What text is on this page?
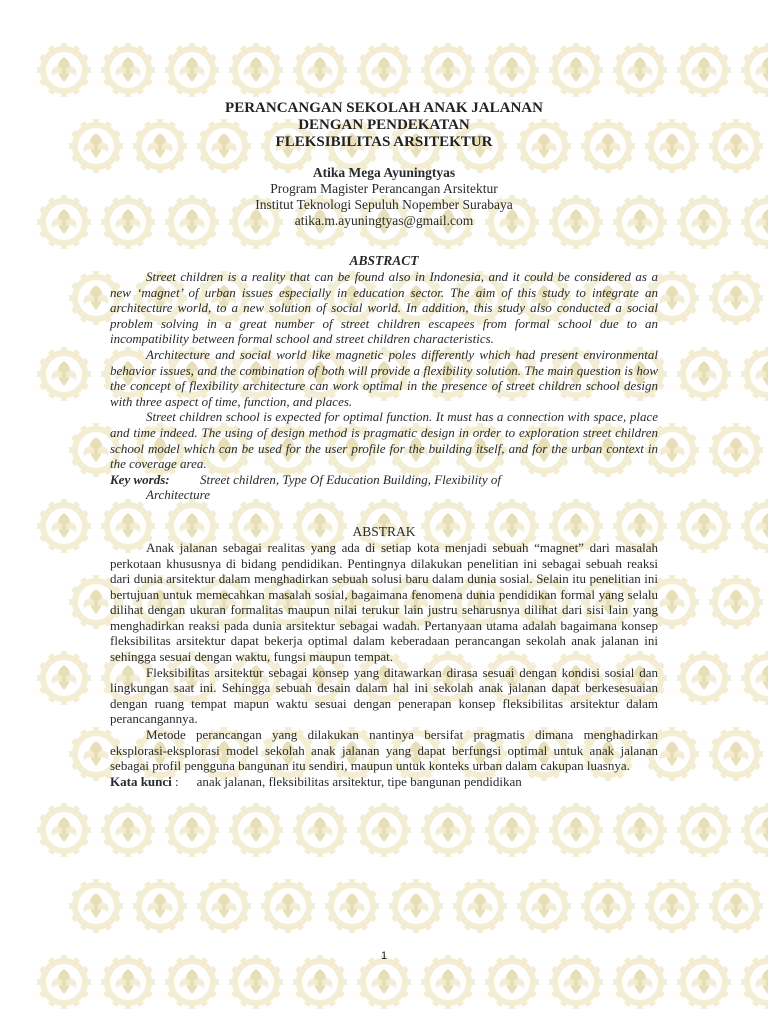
PERANCANGAN SEKOLAH ANAK JALANAN
DENGAN PENDEKATAN
FLEKSIBILITAS ARSITEKTUR
Atika Mega Ayuningtyas
Program Magister Perancangan Arsitektur
Institut Teknologi Sepuluh Nopember Surabaya
atika.m.ayuningtyas@gmail.com
ABSTRACT

Street children is a reality that can be found also in Indonesia, and it could be considered as a new ‘magnet’ of urban issues especially in education sector. The aim of this study to integrate an architecture world, to a new solution of social world. In addition, this study also conducted a social problem solving in a great number of street children escapees from formal school due to an incompatibility between formal school and street children characteristics.

Architecture and social world like magnetic poles differently which had present environmental behavior issues, and the combination of both will provide a flexibility solution. The main question is how the concept of flexibility architecture can work optimal in the presence of street children school design with three aspect of time, function, and places.

Street children school is expected for optimal function. It must has a connection with space, place and time indeed. The using of design method is pragmatic design in order to exploration street children school model which can be used for the user profile for the building itself, and for the urban context in the coverage area.

Key words: Street children, Type Of Education Building, Flexibility of
Architecture
ABSTRAK

Anak jalanan sebagai realitas yang ada di setiap kota menjadi sebuah “magnet” dari masalah perkotaan khususnya di bidang pendidikan. Pentingnya dilakukan penelitian ini sebagai sebuah reaksi dari dunia arsitektur dalam menghadirkan sebuah solusi baru dalam dunia sosial. Selain itu penelitian ini bertujuan untuk memecahkan masalah sosial, bagaimana fenomena dunia pendidikan formal yang selalu dilihat dengan ukuran formalitas maupun nilai terukur lain justru seharusnya dilihat dari sisi lain yang menghadirkan reaksi pada dunia arsitektur sebagai wadah. Pertanyaan utama adalah bagaimana konsep fleksibilitas arsitektur dapat bekerja optimal dalam keberadaan perancangan sekolah anak jalanan ini sehingga sesuai dengan waktu, fungsi maupun tempat.

Fleksibilitas arsitektur sebagai konsep yang ditawarkan dirasa sesuai dengan kondisi sosial dan lingkungan saat ini. Sehingga sebuah desain dalam hal ini sekolah anak jalanan dapat berkesesuaian dengan ruang tempat mapun waktu sesuai dengan penerapan konsep fleksibilitas arsitektur dalam perancangannya.

Metode perancangan yang dilakukan nantinya bersifat pragmatis dimana menghadirkan eksplorasi-eksplorasi model sekolah anak jalanan yang dapat berfungsi optimal untuk anak jalanan sebagai profil pengguna bangunan itu sendiri, maupun untuk konteks urban dalam cakupan luasnya.

Kata kunci : anak jalanan, fleksibilitas arsitektur, tipe bangunan pendidikan
1
